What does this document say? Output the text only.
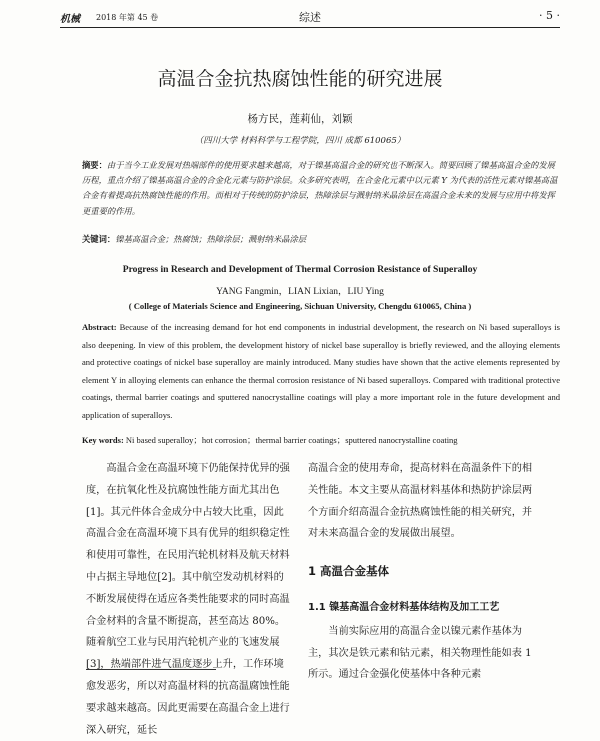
机械 2018 年第 45 卷	综述	· 5 ·
高温合金抗热腐蚀性能的研究进展
杨方民，莲莉仙，刘颖
（四川大学 材料科学与工程学院，四川 成都 610065）
摘要：由于当今工业发展对热端部件的使用要求越来越高，对于镍基高温合金的研究也不断深入。简要回顾了镍基高温合金的发展历程，重点介绍了镍基高温合金的合金化元素与防护涂层。众多研究表明，在合金化元素中以元素 Y 为代表的活性元素对镍基高温合金有着提高抗热腐蚀性能的作用。而相对于传统的防护涂层，热障涂层与溅射纳米晶涂层在高温合金未来的发展与应用中将发挥更重要的作用。
关键词：镍基高温合金；热腐蚀；热障涂层；溅射纳米晶涂层
Progress in Research and Development of Thermal Corrosion Resistance of Superalloy
YANG Fangmin，LIAN Lixian，LIU Ying
( College of Materials Science and Engineering, Sichuan University, Chengdu 610065, China )
Abstract: Because of the increasing demand for hot end components in industrial development, the research on Ni based superalloys is also deepening. In view of this problem, the development history of nickel base superalloy is briefly reviewed, and the alloying elements and protective coatings of nickel base superalloy are mainly introduced. Many studies have shown that the active elements represented by element Y in alloying elements can enhance the thermal corrosion resistance of Ni based superalloys. Compared with traditional protective coatings, thermal barrier coatings and sputtered nanocrystalline coatings will play a more important role in the future development and application of superalloys.
Key words: Ni based superalloy；hot corrosion；thermal barrier coatings；sputtered nanocrystalline coating

高温合金在高温环境下仍能保持优异的强度，在抗氧化性及抗腐蚀性能方面尤其出色[1]。其元件体合金成分中占较大比重，因此高温合金在高温环境下具有优异的组织稳定性和使用可靠性，在民用汽轮机材料及航天材料中占据主导地位[2]。其中航空发动机材料的不断发展使得在适应各类性能要求的同时高温合金材料的含量不断提高，甚至高达 80%。随着航空工业与民用汽轮机产业的飞速发展[3]，热端部件进气温度逐步上升，工作环境愈发恶劣，所以对高温材料的抗高温腐蚀性能要求越来越高。因此更需要在高温合金上进行深入研究，延长

高温合金的使用寿命，提高材料在高温条件下的相关性能。本文主要从高温材料基体和热防护涂层两个方面介绍高温合金抗热腐蚀性能的相关研究，并对未来高温合金的发展做出展望。

1 高温合金基体
1.1 镍基高温合金材料基体结构及加工工艺

当前实际应用的高温合金以镍元素作基体为主，其次是铁元素和钴元素，相关物理性能如表 1 所示。通过合金强化使基体中各种元素
